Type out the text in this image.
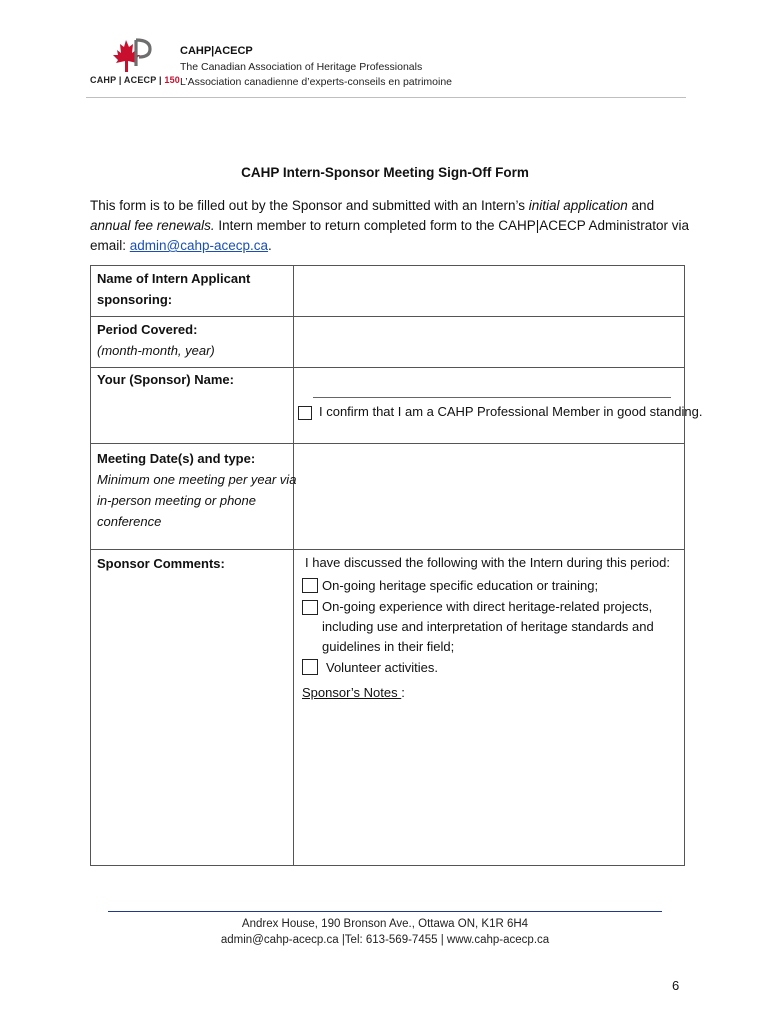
CAHP | ACECP | 150
CAHP|ACECP
The Canadian Association of Heritage Professionals
L’Association canadienne d’experts-conseils en patrimoine
CAHP Intern-Sponsor Meeting Sign-Off Form
This form is to be filled out by the Sponsor and submitted with an Intern’s initial application and annual fee renewals. Intern member to return completed form to the CAHP|ACECP Administrator via email: admin@cahp-acecp.ca.
Name of Intern Applicant
sponsoring:
Period Covered:
(month-month, year)
Your (Sponsor) Name:
I confirm that I am a CAHP Professional Member in good standing.
Meeting Date(s) and type:
Minimum one meeting per year via
in-person meeting or phone
conference
Sponsor Comments:	I have discussed the following with the Intern during this period:
On-going heritage specific education or training;
On-going experience with direct heritage-related projects,
including use and interpretation of heritage standards and
guidelines in their field;
Volunteer activities.
Sponsor’s Notes :
Andrex House, 190 Bronson Ave., Ottawa ON, K1R 6H4
admin@cahp-acecp.ca |Tel: 613-569-7455 | www.cahp-acecp.ca
6
